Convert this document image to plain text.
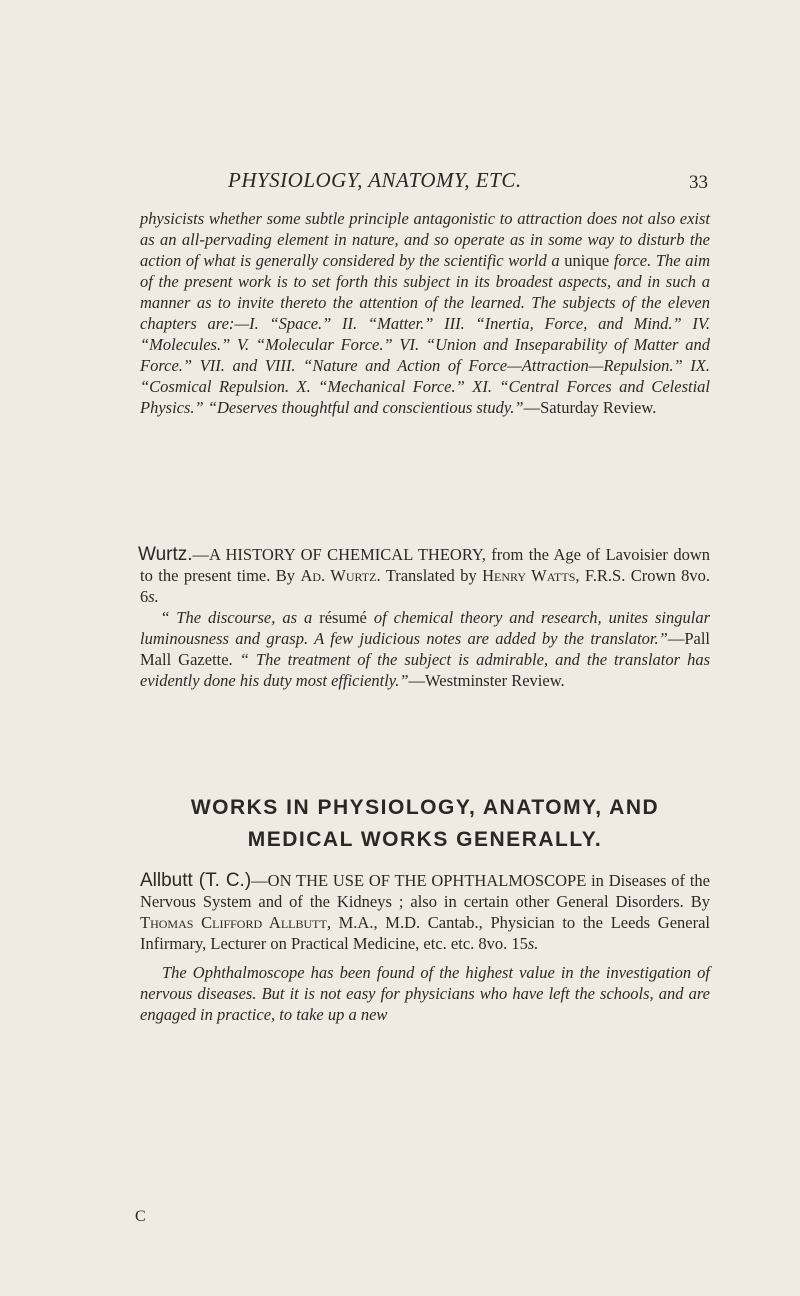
PHYSIOLOGY, ANATOMY, ETC.	33
physicists whether some subtle principle antagonistic to attraction does not also exist as an all-pervading element in nature, and so operate as in some way to disturb the action of what is generally considered by the scientific world a unique force. The aim of the present work is to set forth this subject in its broadest aspects, and in such a manner as to invite thereto the attention of the learned. The subjects of the eleven chapters are:—I. “Space.” II. “Matter.” III. “Inertia, Force, and Mind.” IV. “Molecules.” V. “Molecular Force.” VI. “Union and Inseparability of Matter and Force.” VII. and VIII. “Nature and Action of Force—Attraction—Repulsion.” IX. “Cosmical Repulsion. X. “Mechanical Force.” XI. “Central Forces and Celestial Physics.” “Deserves thoughtful and conscientious study.”—Saturday Review.
Wurtz.—A HISTORY OF CHEMICAL THEORY, from the Age of Lavoisier down to the present time. By Ad. Wurtz. Translated by Henry Watts, F.R.S. Crown 8vo. 6s.
“ The discourse, as a résumé of chemical theory and research, unites singular luminousness and grasp. A few judicious notes are added by the translator.”—Pall Mall Gazette. “ The treatment of the subject is admirable, and the translator has evidently done his duty most efficiently.”—Westminster Review.
WORKS IN PHYSIOLOGY, ANATOMY, AND
MEDICAL WORKS GENERALLY.
Allbutt (T. C.)—ON THE USE OF THE OPHTHALMOSCOPE in Diseases of the Nervous System and of the Kidneys ; also in certain other General Disorders. By Thomas Clifford Allbutt, M.A., M.D. Cantab., Physician to the Leeds General Infirmary, Lecturer on Practical Medicine, etc. etc. 8vo. 15s.
The Ophthalmoscope has been found of the highest value in the investigation of nervous diseases. But it is not easy for physicians who have left the schools, and are engaged in practice, to take up a new
C
